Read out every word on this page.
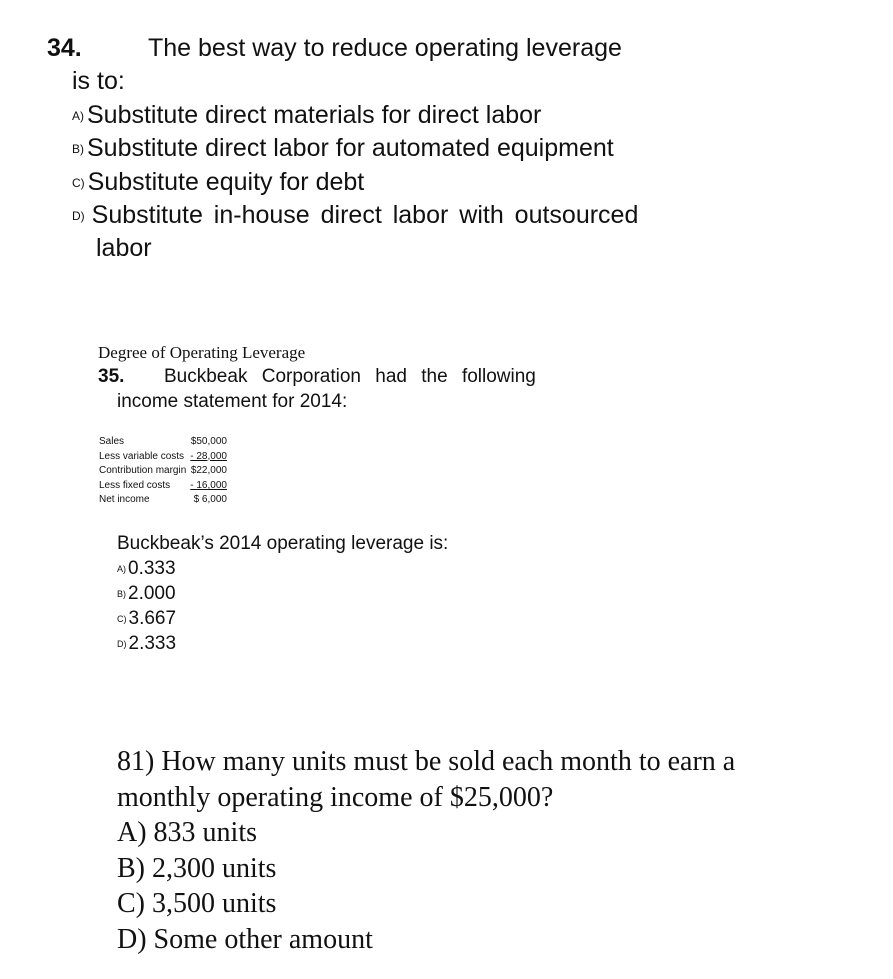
34.	The best way to reduce operating leverage
is to:
A) Substitute direct materials for direct labor
B) Substitute direct labor for automated equipment
C) Substitute equity for debt
D) Substitute in-house direct labor with outsourced
labor
Degree of Operating Leverage
35. Buckbeak Corporation had the following
income statement for 2014:
Sales	$50,000
Less variable costs	- 28,000
Contribution margin	$22,000
Less fixed costs	- 16,000
Net income	$ 6,000
Buckbeak’s 2014 operating leverage is:
A) 0.333
B) 2.000
C) 3.667
D) 2.333
81) How many units must be sold each month to earn a
monthly operating income of $25,000?
A) 833 units
B) 2,300 units
C) 3,500 units
D) Some other amount
